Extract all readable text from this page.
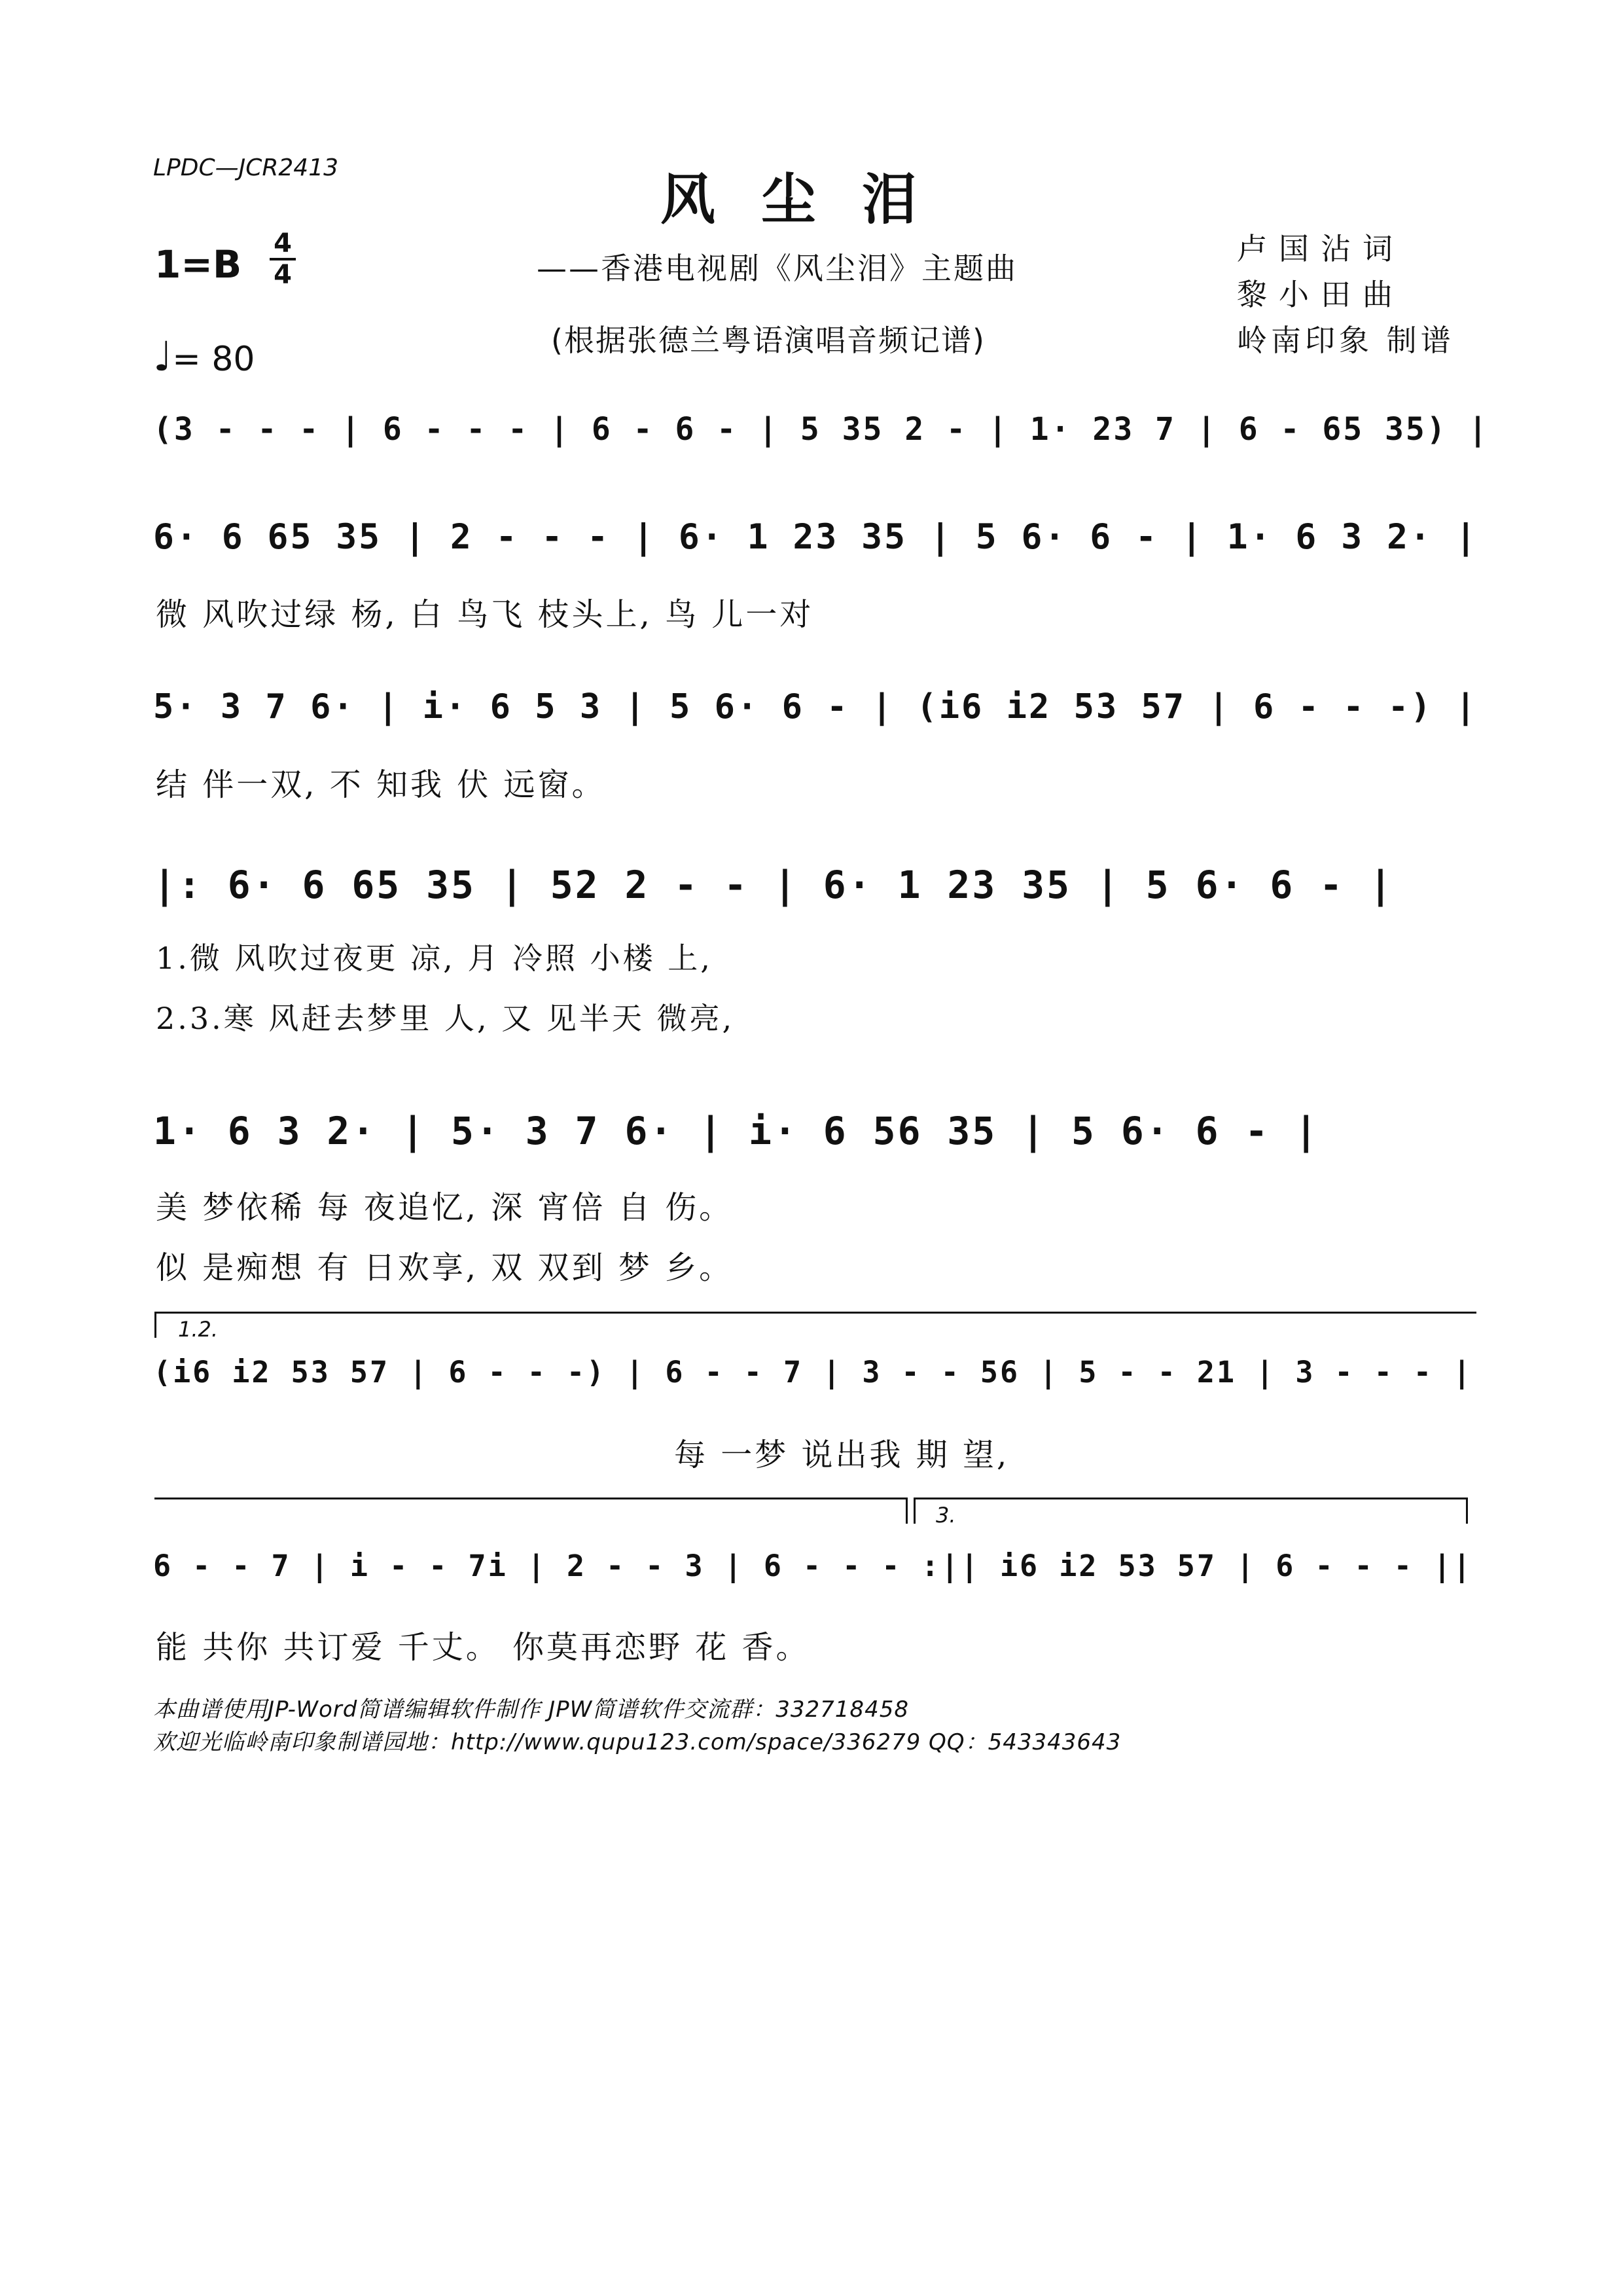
LPDC—JCR2413	风尘泪
——香港电视剧《风尘泪》主题曲
(根据张德兰粤语演唱音频记谱)
卢国沾词
黎小田曲
岭南印象 制谱
1=B 4
4
♩= 80
(3 - - - | 6 - - - | 6 - 6 - | 5 35 2 - | 1· 23 7 | 6 - 65 35) |
6· 6 65 35 | 2 - - - | 6· 1 23 35 | 5 6· 6 - | 1· 6 3 2· |
微 风吹过绿 杨, 白 鸟飞 枝头上, 鸟 儿一对
5· 3 7 6· | i· 6 5 3 | 5 6· 6 - | (i6 i2 53 57 | 6 - - -) |
结 伴一双, 不 知我 伏 远窗。
|: 6· 6 65 35 | 52 2 - - | 6· 1 23 35 | 5 6· 6 - |
1.微 风吹过夜更 凉, 月 冷照 小楼 上,
2.3.寒 风赶去梦里 人, 又 见半天 微亮,
1· 6 3 2· | 5· 3 7 6· | i· 6 56 35 | 5 6· 6 - |
美 梦依稀 每 夜追忆, 深 宵倍 自 伤。
似 是痴想 有 日欢享, 双 双到 梦 乡。
1.2.
(i6 i2 53 57 | 6 - - -) | 6 - - 7 | 3 - - 56 | 5 - - 21 | 3 - - - |
每 一梦 说出我 期 望,
3.
6 - - 7 | i - - 7i | 2 - - 3 | 6 - - - :|| i6 i2 53 57 | 6 - - - ||
能 共你 共订爱 千丈。 你莫再恋野 花 香。
本曲谱使用JP-Word简谱编辑软件制作 JPW简谱软件交流群：332718458
欢迎光临岭南印象制谱园地：http://www.qupu123.com/space/336279 QQ：543343643
